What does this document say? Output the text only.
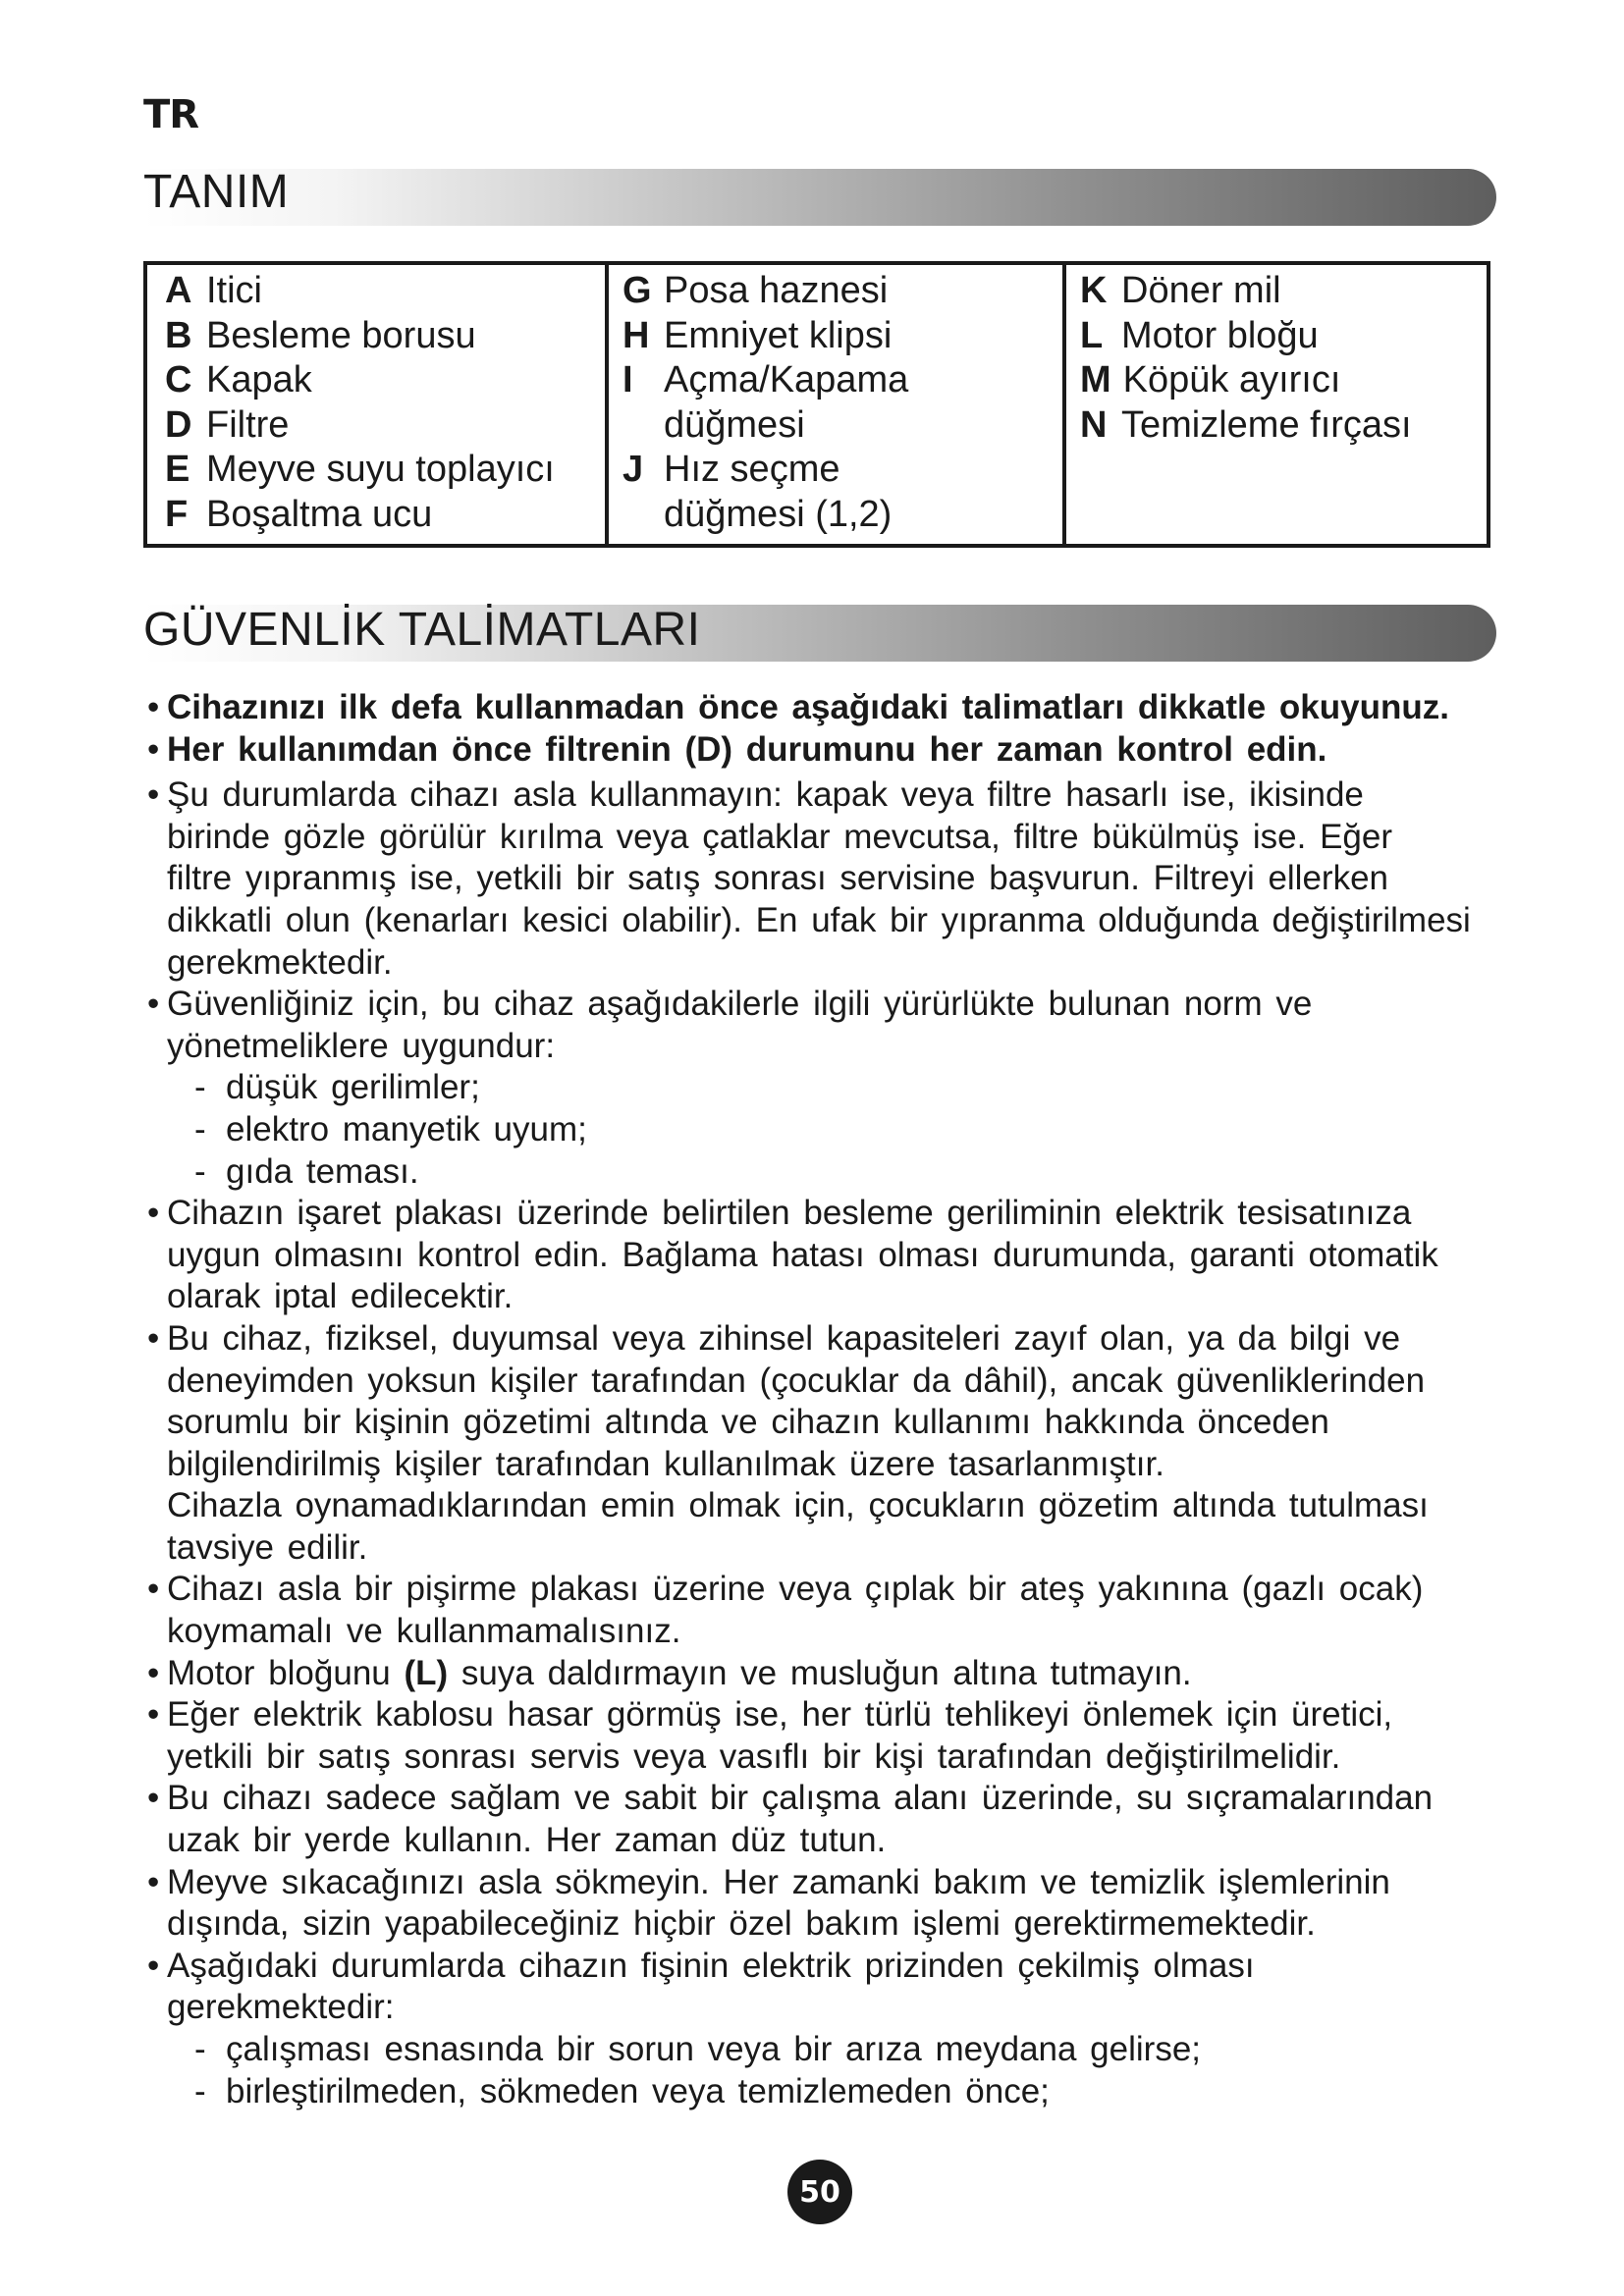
TR
TANIM
A Itici
B Besleme borusu
C Kapak
D Filtre
E Meyve suyu toplayıcı
F Boşaltma ucu
G Posa haznesi
H Emniyet klipsi
I Açma/Kapama düğmesi
J Hız seçme düğmesi (1,2)
K Döner mil
L Motor bloğu
M Köpük ayırıcı
N Temizleme fırçası
GÜVENLİK TALİMATLARI
• Cihazınızı ilk defa kullanmadan önce aşağıdaki talimatları dikkatle okuyunuz.
• Her kullanımdan önce filtrenin (D) durumunu her zaman kontrol edin.
• Şu durumlarda cihazı asla kullanmayın: kapak veya filtre hasarlı ise, ikisinde
birinde gözle görülür kırılma veya çatlaklar mevcutsa, filtre bükülmüş ise. Eğer
filtre yıpranmış ise, yetkili bir satış sonrası servisine başvurun. Filtreyi ellerken
dikkatli olun (kenarları kesici olabilir). En ufak bir yıpranma olduğunda değiştirilmesi
gerekmektedir.
• Güvenliğiniz için, bu cihaz aşağıdakilerle ilgili yürürlükte bulunan norm ve
yönetmeliklere uygundur:
- düşük gerilimler;
- elektro manyetik uyum;
- gıda teması.
• Cihazın işaret plakası üzerinde belirtilen besleme geriliminin elektrik tesisatınıza
uygun olmasını kontrol edin. Bağlama hatası olması durumunda, garanti otomatik
olarak iptal edilecektir.
• Bu cihaz, fiziksel, duyumsal veya zihinsel kapasiteleri zayıf olan, ya da bilgi ve
deneyimden yoksun kişiler tarafından (çocuklar da dâhil), ancak güvenliklerinden
sorumlu bir kişinin gözetimi altında ve cihazın kullanımı hakkında önceden
bilgilendirilmiş kişiler tarafından kullanılmak üzere tasarlanmıştır.
Cihazla oynamadıklarından emin olmak için, çocukların gözetim altında tutulması
tavsiye edilir.
• Cihazı asla bir pişirme plakası üzerine veya çıplak bir ateş yakınına (gazlı ocak)
koymamalı ve kullanmamalısınız.
• Motor bloğunu (L) suya daldırmayın ve musluğun altına tutmayın.
• Eğer elektrik kablosu hasar görmüş ise, her türlü tehlikeyi önlemek için üretici,
yetkili bir satış sonrası servis veya vasıflı bir kişi tarafından değiştirilmelidir.
• Bu cihazı sadece sağlam ve sabit bir çalışma alanı üzerinde, su sıçramalarından
uzak bir yerde kullanın. Her zaman düz tutun.
• Meyve sıkacağınızı asla sökmeyin. Her zamanki bakım ve temizlik işlemlerinin
dışında, sizin yapabileceğiniz hiçbir özel bakım işlemi gerektirmemektedir.
• Aşağıdaki durumlarda cihazın fişinin elektrik prizinden çekilmiş olması
gerekmektedir:
- çalışması esnasında bir sorun veya bir arıza meydana gelirse;
- birleştirilmeden, sökmeden veya temizlemeden önce;
50
